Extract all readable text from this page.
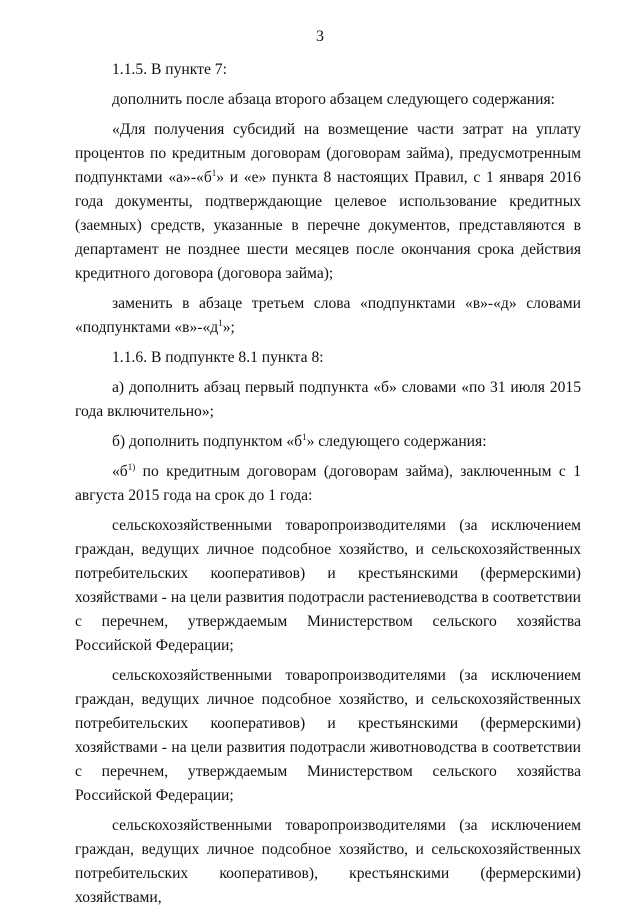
3

1.1.5. В пункте 7:

дополнить после абзаца второго абзацем следующего содержания:

«Для получения субсидий на возмещение части затрат на уплату процентов по кредитным договорам (договорам займа), предусмотренным подпунктами «$а»-«б^1$» и «е» пункта 8 настоящих Правил, с 1 января 2016 года документы, подтверждающие целевое использование кредитных (заемных) средств, указанные в перечне документов, представляются в департамент не позднее шести месяцев после окончания срока действия кредитного договора (договора займа);

заменить в абзаце третьем слова «подпунктами «в»-«д» словами «подпунктами «$в»-«д^1$»;

1.1.6. В подпункте 8.1 пункта 8:

а) дополнить абзац первый подпункта «б» словами «по 31 июля 2015 года включительно»;

б) дополнить подпунктом «$б^1$» следующего содержания:

«$б^{1)}$ по кредитным договорам (договорам займа), заключенным с 1 августа 2015 года на срок до 1 года:

сельскохозяйственными товаропроизводителями (за исключением граждан, ведущих личное подсобное хозяйство, и сельскохозяйственных потребительских кооперативов) и крестьянскими (фермерскими) хозяйствами - на цели развития подотрасли растениеводства в соответствии с перечнем, утверждаемым Министерством сельского хозяйства Российской Федерации;

сельскохозяйственными товаропроизводителями (за исключением граждан, ведущих личное подсобное хозяйство, и сельскохозяйственных потребительских кооперативов) и крестьянскими (фермерскими) хозяйствами - на цели развития подотрасли животноводства в соответствии с перечнем, утверждаемым Министерством сельского хозяйства Российской Федерации;

сельскохозяйственными товаропроизводителями (за исключением граждан, ведущих личное подсобное хозяйство, и сельскохозяйственных потребительских кооперативов), крестьянскими (фермерскими) хозяйствами,
